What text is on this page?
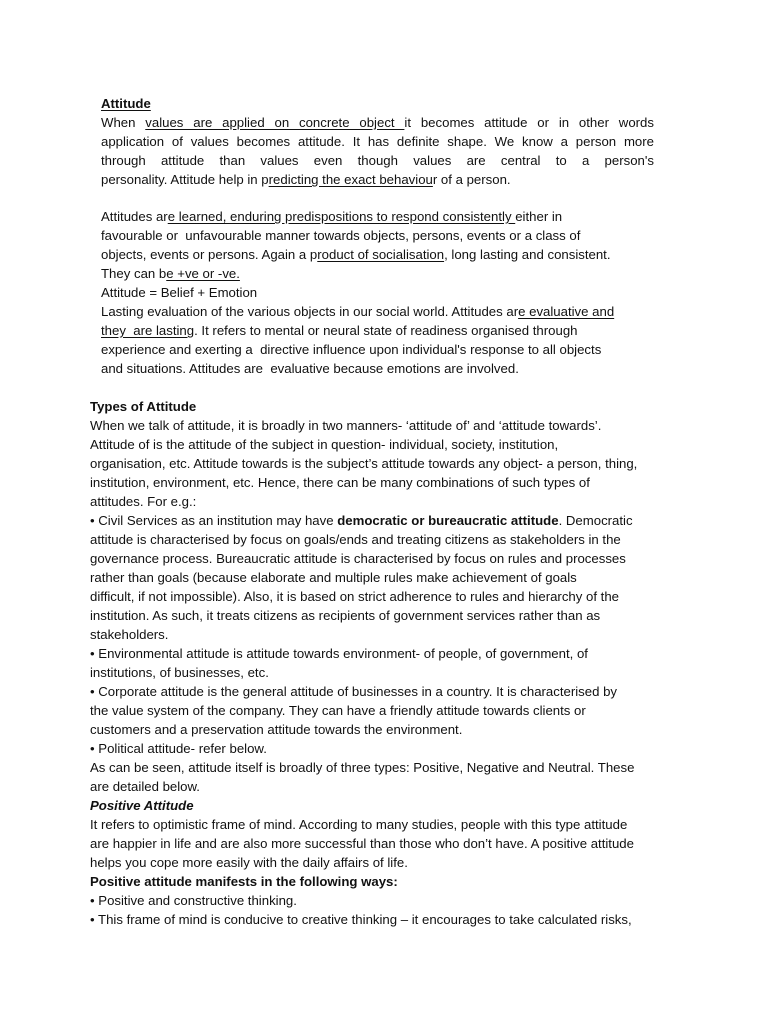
Attitude
When values are applied on concrete object it becomes attitude or in other words
application of values becomes attitude. It has definite shape. We know a person more
through attitude than values even though values are central to a person's
personality. Attitude help in predicting the exact behaviour of a person.
Attitudes are learned, enduring predispositions to respond consistently either in
favourable or  unfavourable manner towards objects, persons, events or a class of
objects, events or persons. Again a product of socialisation, long lasting and consistent.
They can be +ve or -ve.
Attitude = Belief + Emotion
Lasting evaluation of the various objects in our social world. Attitudes are evaluative and
they  are lasting. It refers to mental or neural state of readiness organised through
experience and exerting a  directive influence upon individual's response to all objects
and situations. Attitudes are  evaluative because emotions are involved.
Types of Attitude
When we talk of attitude, it is broadly in two manners- ‘attitude of’ and ‘attitude towards’.
Attitude of is the attitude of the subject in question- individual, society, institution,
organisation, etc. Attitude towards is the subject’s attitude towards any object- a person, thing,
institution, environment, etc. Hence, there can be many combinations of such types of
attitudes. For e.g.:
• Civil Services as an institution may have democratic or bureaucratic attitude. Democratic
attitude is characterised by focus on goals/ends and treating citizens as stakeholders in the
governance process. Bureaucratic attitude is characterised by focus on rules and processes
rather than goals (because elaborate and multiple rules make achievement of goals
difficult, if not impossible). Also, it is based on strict adherence to rules and hierarchy of the
institution. As such, it treats citizens as recipients of government services rather than as
stakeholders.
• Environmental attitude is attitude towards environment- of people, of government, of
institutions, of businesses, etc.
• Corporate attitude is the general attitude of businesses in a country. It is characterised by
the value system of the company. They can have a friendly attitude towards clients or
customers and a preservation attitude towards the environment.
• Political attitude- refer below.
As can be seen, attitude itself is broadly of three types: Positive, Negative and Neutral. These
are detailed below.
Positive Attitude
It refers to optimistic frame of mind. According to many studies, people with this type attitude
are happier in life and are also more successful than those who don’t have. A positive attitude
helps you cope more easily with the daily affairs of life.
Positive attitude manifests in the following ways:
• Positive and constructive thinking.
• This frame of mind is conducive to creative thinking – it encourages to take calculated risks,
